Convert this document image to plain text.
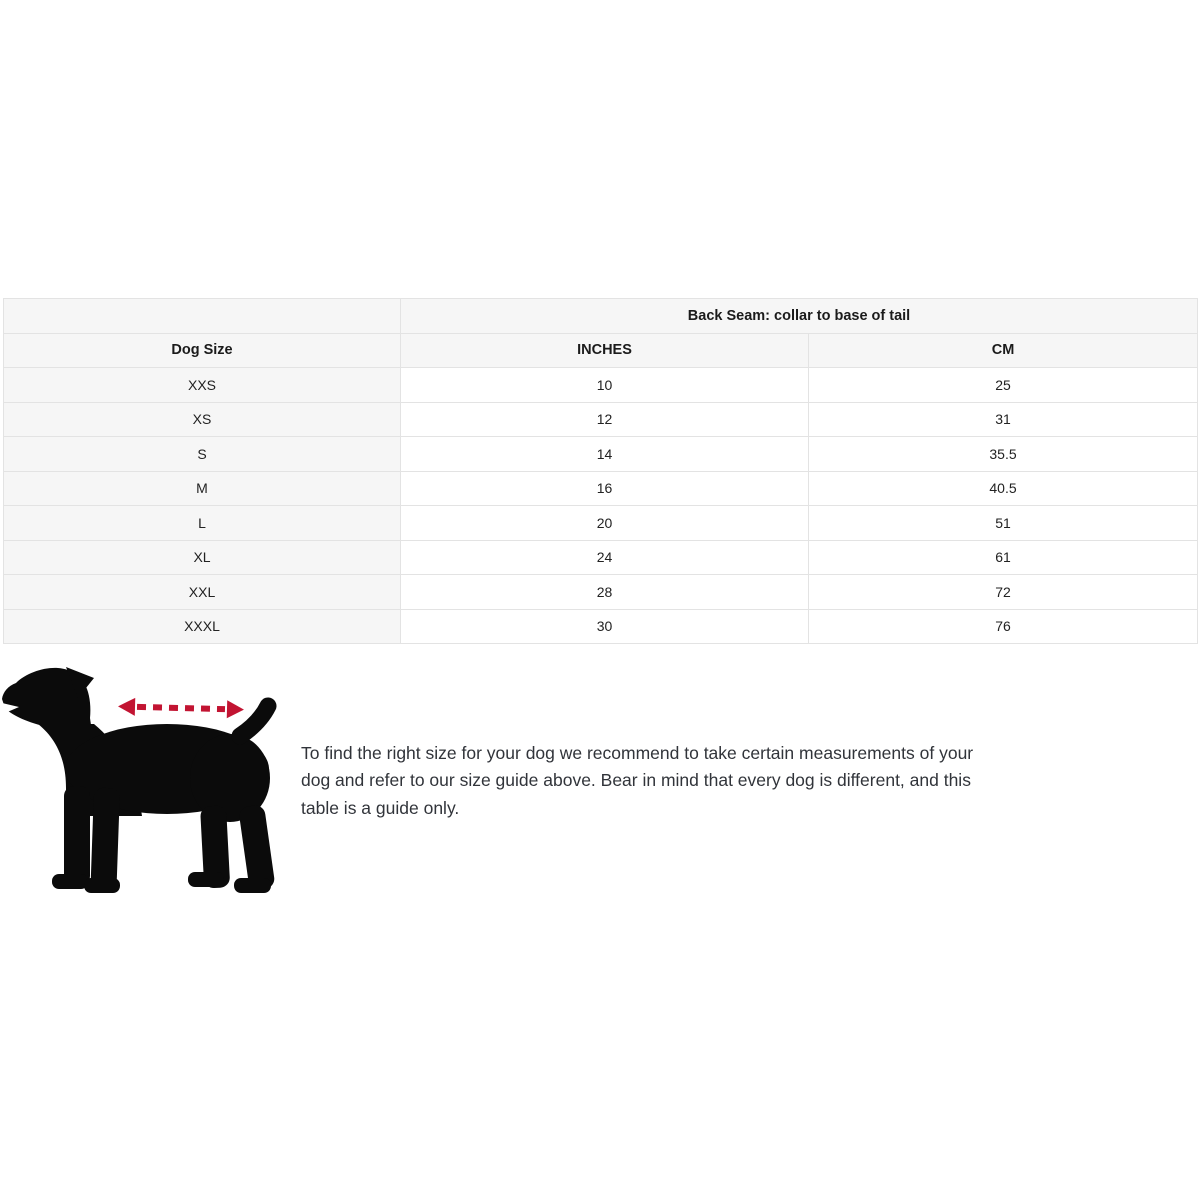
	Back Seam: collar to base of tail	
Dog Size	INCHES	CM
XXS	10	25
XS	12	31
S	14	35.5
M	16	40.5
L	20	51
XL	24	61
XXL	28	72
XXXL	30	76
To find the right size for your dog we recommend to take certain measurements of your
dog and refer to our size guide above. Bear in mind that every dog is different, and this
table is a guide only.
